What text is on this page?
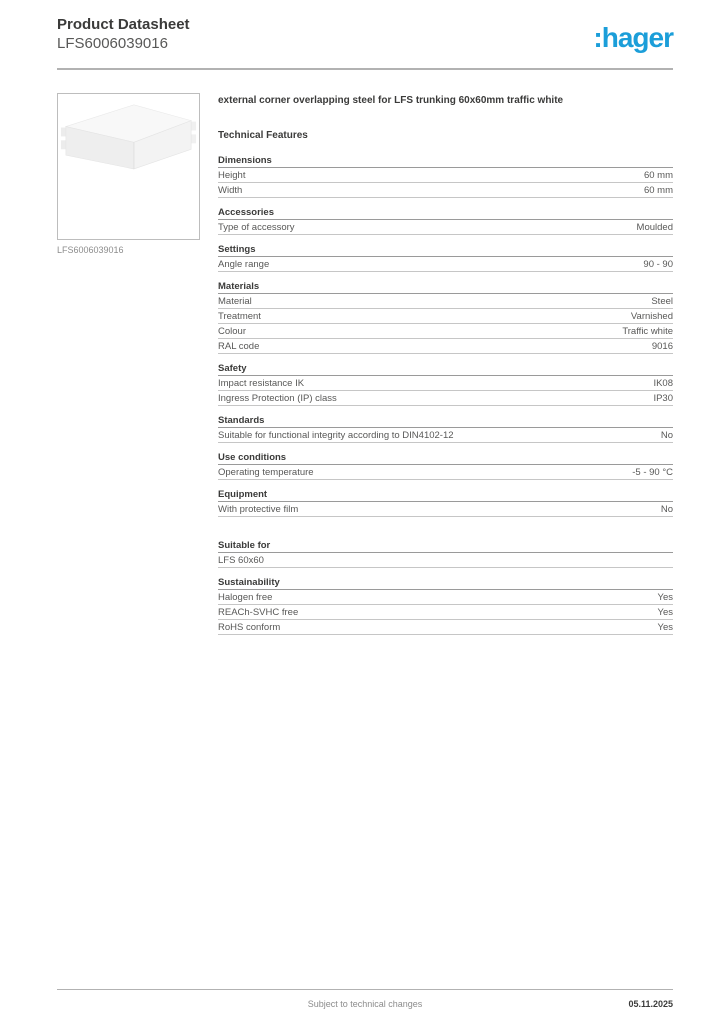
Product Datasheet
LFS6006039016	:hager
LFS6006039016
external corner overlapping steel for LFS trunking 60x60mm traffic white
Technical Features
Dimensions
Height	60 mm
Width	60 mm
Accessories
Type of accessory	Moulded
Settings
Angle range	90 - 90
Materials
Material	Steel
Treatment	Varnished
Colour	Traffic white
RAL code	9016
Safety
Impact resistance IK	IK08
Ingress Protection (IP) class	IP30
Standards
Suitable for functional integrity according to DIN4102-12	No
Use conditions
Operating temperature	-5 - 90 °C
Equipment
With protective film	No
Suitable for
LFS 60x60
Sustainability
Halogen free	Yes
REACh-SVHC free	Yes
RoHS conform	Yes
Subject to technical changes	05.11.2025
